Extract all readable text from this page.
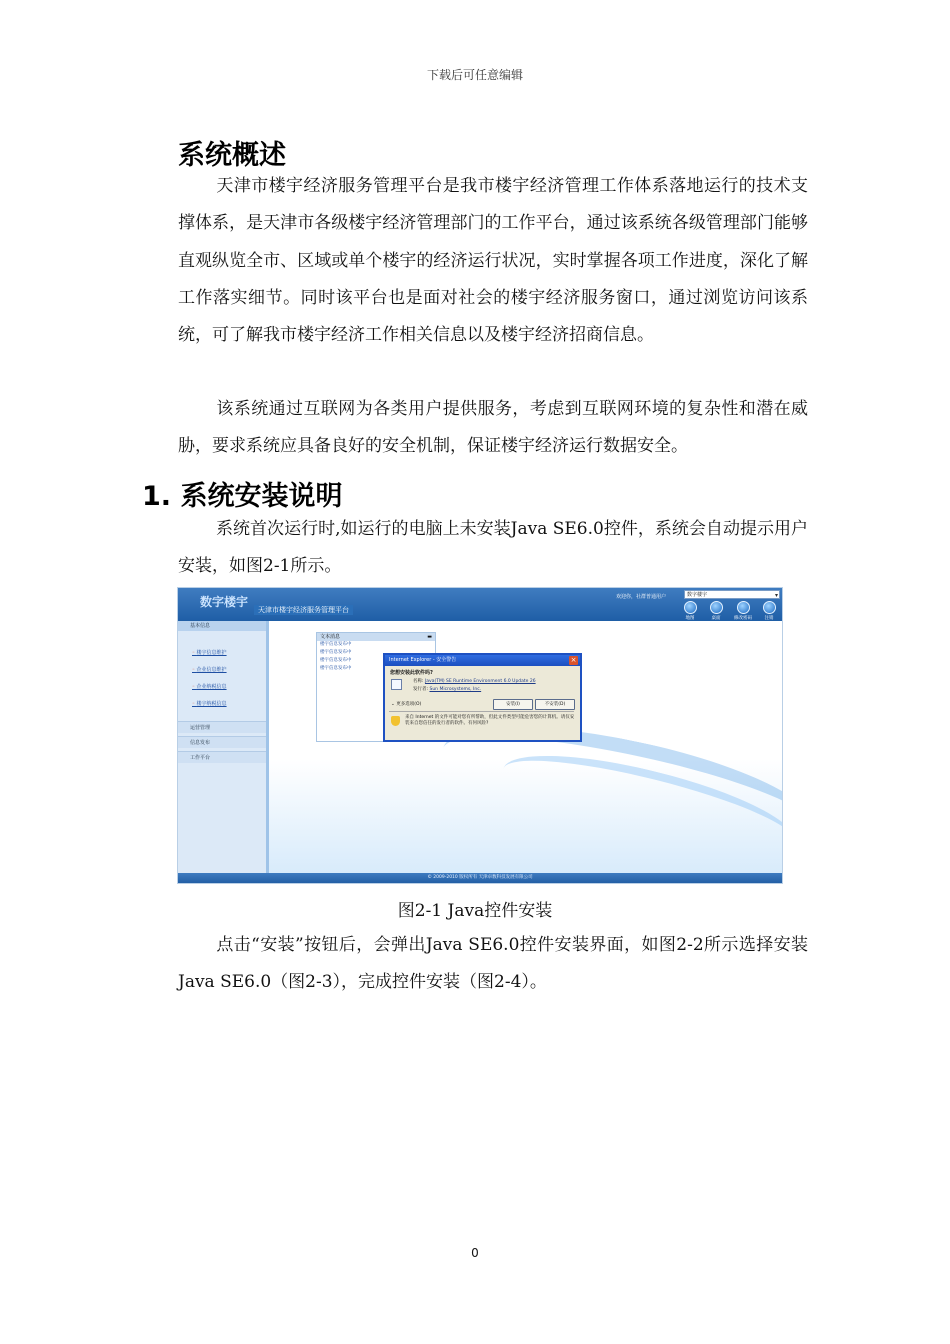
下载后可任意编辑
系统概述
天津市楼宇经济服务管理平台是我市楼宇经济管理工作体系落地运行的技术支撑体系，是天津市各级楼宇经济管理部门的工作平台，通过该系统各级管理部门能够直观纵览全市、区域或单个楼宇的经济运行状况，实时掌握各项工作进度，深化了解工作落实细节。同时该平台也是面对社会的楼宇经济服务窗口，通过浏览访问该系统，可了解我市楼宇经济工作相关信息以及楼宇经济招商信息。
该系统通过互联网为各类用户提供服务，考虑到互联网环境的复杂性和潜在威胁，要求系统应具备良好的安全机制，保证楼宇经济运行数据安全。
1. 系统安装说明
系统首次运行时,如运行的电脑上未安装Java SE6.0控件，系统会自动提示用户安装，如图2-1所示。
数字楼宇
天津市楼宇经济服务管理平台
欢迎你，社群普通用户	数字楼宇 ▾
地图	桌面	修改密码	注销
基本信息
◦ 楼宇信息维护
◦ 企业信息维护
◦ 企业纳税信息
◦ 楼宇纳税信息
运营管理
信息发布
工作平台
文本消息	▬
楼宇信息发布中
楼宇信息发布中
楼宇信息发布中
楼宇信息发布中
Internet Explorer - 安全警告	×
您想安装此软件吗?
名称: Java(TM) SE Runtime Environment 6.0 Update 26
发行者: Sun Microsystems, Inc.
⌄ 更多选项(O)	安装(I)	不安装(D)
来自 Internet 的文件可能对您有所帮助，但此文件类型可能危害您的计算机。请仅安装来自您信任的发行者的软件。有何风险?
© 2009-2010 版权所有 天津卓数科技发展有限公司
图2-1 Java控件安装
点击“安装”按钮后，会弹出Java SE6.0控件安装界面，如图2-2所示选择安装Java SE6.0（图2-3），完成控件安装（图2-4）。
0
